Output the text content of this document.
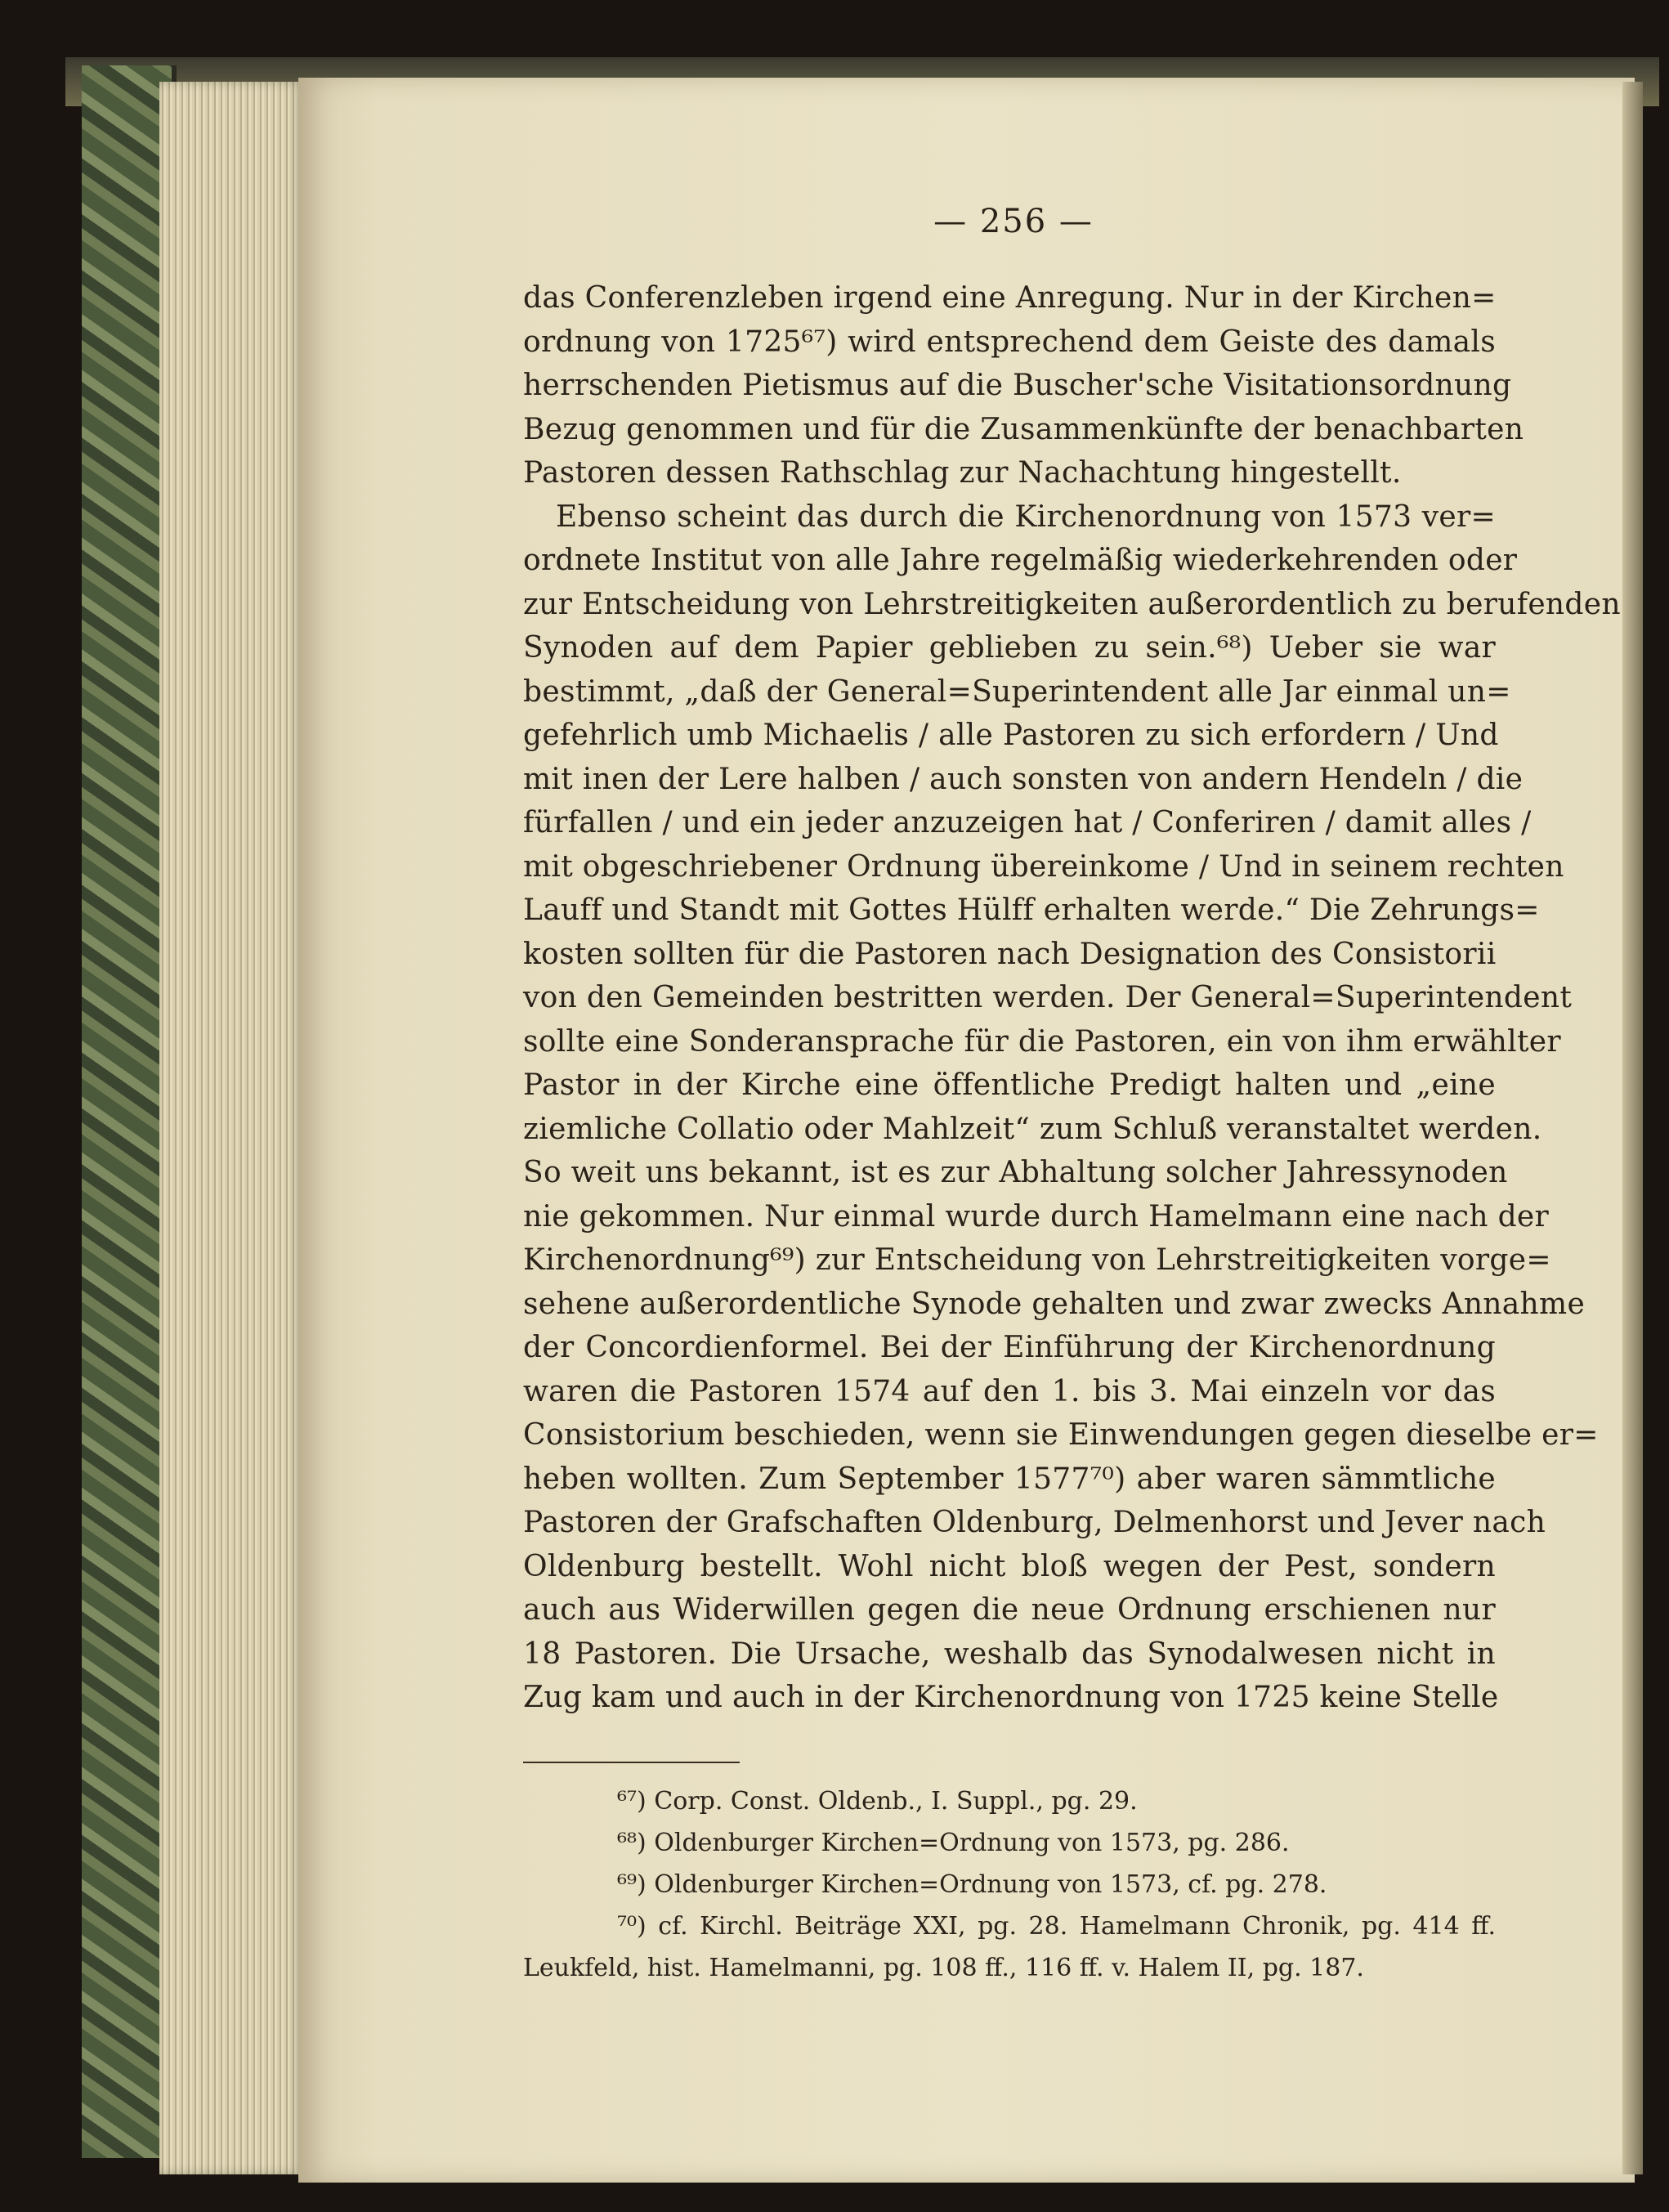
— 256 —
das Conferenzleben irgend eine Anregung. Nur in der Kirchen=
ordnung von 1725⁶⁷) wird entsprechend dem Geiste des damals
herrschenden Pietismus auf die Buscher'sche Visitationsordnung
Bezug genommen und für die Zusammenkünfte der benachbarten
Pastoren dessen Rathschlag zur Nachachtung hingestellt.
Ebenso scheint das durch die Kirchenordnung von 1573 ver=
ordnete Institut von alle Jahre regelmäßig wiederkehrenden oder
zur Entscheidung von Lehrstreitigkeiten außerordentlich zu berufenden
Synoden auf dem Papier geblieben zu sein.⁶⁸) Ueber sie war
bestimmt, „daß der General=Superintendent alle Jar einmal un=
gefehrlich umb Michaelis / alle Pastoren zu sich erfordern / Und
mit inen der Lere halben / auch sonsten von andern Hendeln / die
fürfallen / und ein jeder anzuzeigen hat / Conferiren / damit alles /
mit obgeschriebener Ordnung übereinkome / Und in seinem rechten
Lauff und Standt mit Gottes Hülff erhalten werde.“ Die Zehrungs=
kosten sollten für die Pastoren nach Designation des Consistorii
von den Gemeinden bestritten werden. Der General=Superintendent
sollte eine Sonderansprache für die Pastoren, ein von ihm erwählter
Pastor in der Kirche eine öffentliche Predigt halten und „eine
ziemliche Collatio oder Mahlzeit“ zum Schluß veranstaltet werden.
So weit uns bekannt, ist es zur Abhaltung solcher Jahressynoden
nie gekommen. Nur einmal wurde durch Hamelmann eine nach der
Kirchenordnung⁶⁹) zur Entscheidung von Lehrstreitigkeiten vorge=
sehene außerordentliche Synode gehalten und zwar zwecks Annahme
der Concordienformel. Bei der Einführung der Kirchenordnung
waren die Pastoren 1574 auf den 1. bis 3. Mai einzeln vor das
Consistorium beschieden, wenn sie Einwendungen gegen dieselbe er=
heben wollten. Zum September 1577⁷⁰) aber waren sämmtliche
Pastoren der Grafschaften Oldenburg, Delmenhorst und Jever nach
Oldenburg bestellt. Wohl nicht bloß wegen der Pest, sondern
auch aus Widerwillen gegen die neue Ordnung erschienen nur
18 Pastoren. Die Ursache, weshalb das Synodalwesen nicht in
Zug kam und auch in der Kirchenordnung von 1725 keine Stelle
⁶⁷) Corp. Const. Oldenb., I. Suppl., pg. 29.
⁶⁸) Oldenburger Kirchen=Ordnung von 1573, pg. 286.
⁶⁹) Oldenburger Kirchen=Ordnung von 1573, cf. pg. 278.
⁷⁰) cf. Kirchl. Beiträge XXI, pg. 28. Hamelmann Chronik, pg. 414 ff.
Leukfeld, hist. Hamelmanni, pg. 108 ff., 116 ff. v. Halem II, pg. 187.
